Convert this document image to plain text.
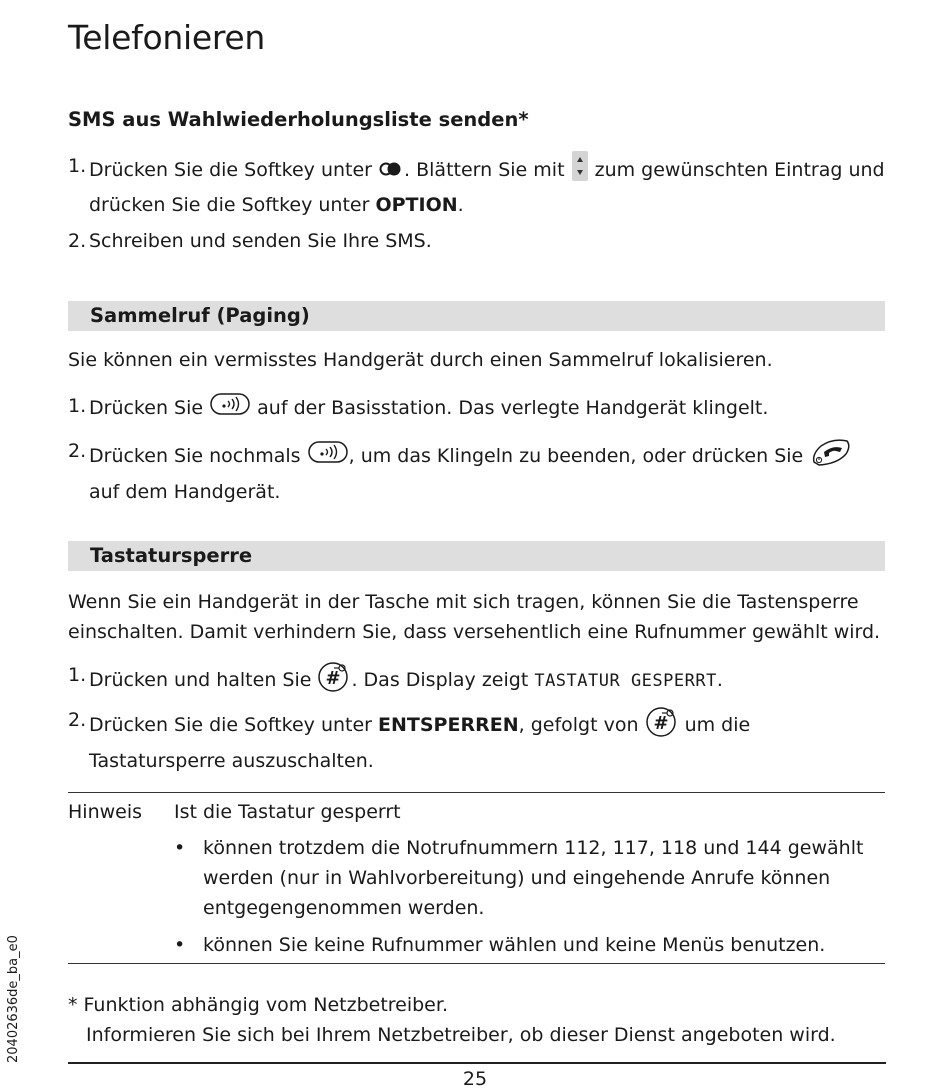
Telefonieren
SMS aus Wahlwiederholungsliste senden*
1. Drücken Sie die Softkey unter . Blättern Sie mit  zum gewünschten Eintrag und drücken Sie die Softkey unter OPTION.
2. Schreiben und senden Sie Ihre SMS.
Sammelruf (Paging)
Sie können ein vermisstes Handgerät durch einen Sammelruf lokalisieren.
1. Drücken Sie  auf der Basisstation. Das verlegte Handgerät klingelt.
2. Drücken Sie nochmals , um das Klingeln zu beenden, oder drücken Sie  auf dem Handgerät.
Tastatursperre
Wenn Sie ein Handgerät in der Tasche mit sich tragen, können Sie die Tastensperre einschalten. Damit verhindern Sie, dass versehentlich eine Rufnummer gewählt wird.
1. Drücken und halten Sie # . Das Display zeigt TASTATUR GESPERRT.
2. Drücken Sie die Softkey unter ENTSPERREN, gefolgt von # um die Tastatursperre auszuschalten.
Hinweis Ist die Tastatur gesperrt
• können trotzdem die Notrufnummern 112, 117, 118 und 144 gewählt werden (nur in Wahlvorbereitung) und eingehende Anrufe können entgegengenommen werden.
• können Sie keine Rufnummer wählen und keine Menüs benutzen.
* Funktion abhängig vom Netzbetreiber.
Informieren Sie sich bei Ihrem Netzbetreiber, ob dieser Dienst angeboten wird.
20402636de_ba_e0
25
